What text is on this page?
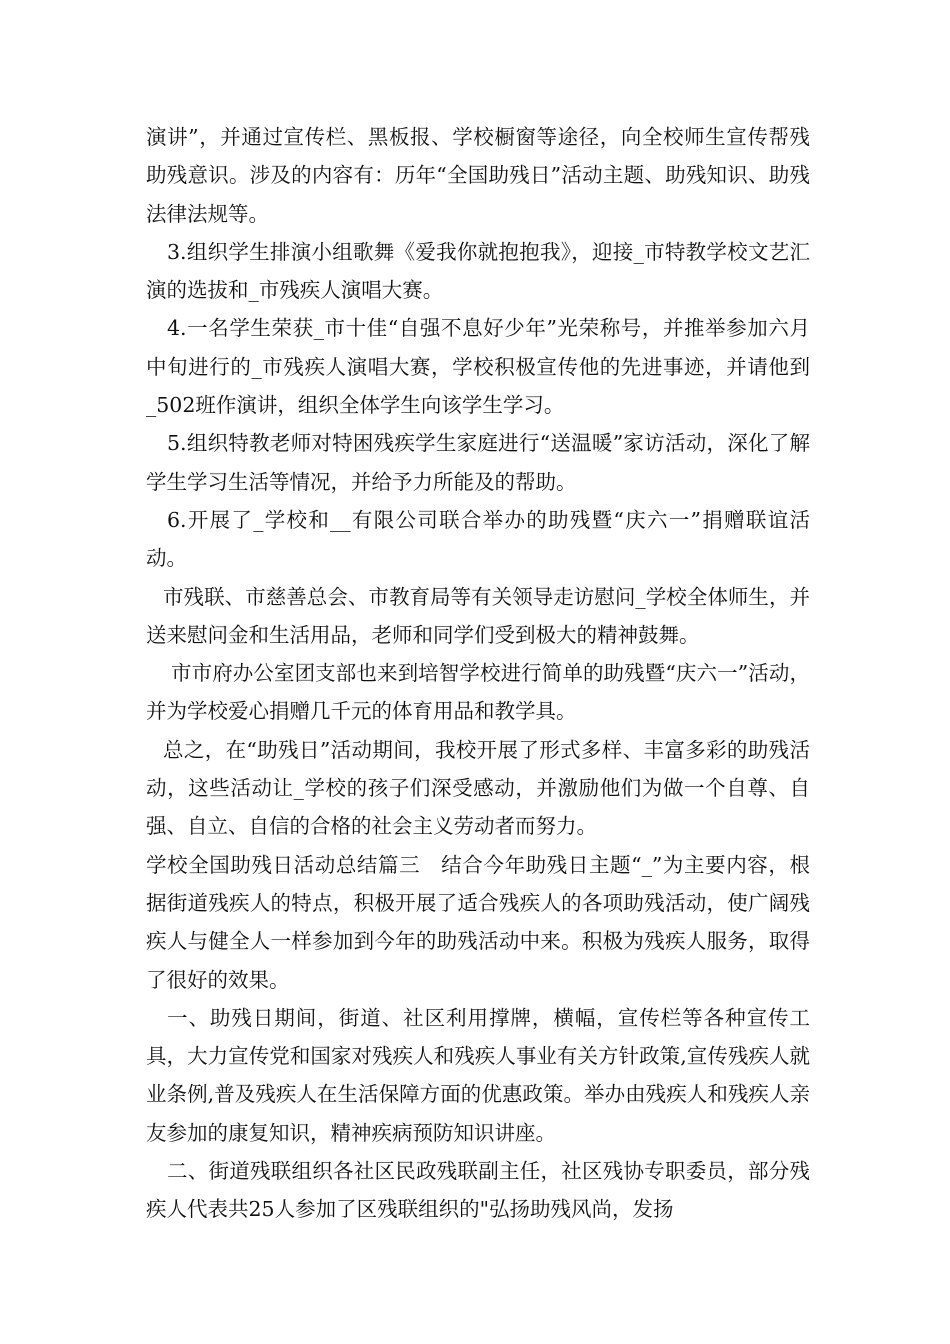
演讲”，并通过宣传栏、黑板报、学校橱窗等途径，向全校师生宣传帮残助残意识。涉及的内容有：历年“全国助残日”活动主题、助残知识、助残法律法规等。

3.组织学生排演小组歌舞《爱我你就抱抱我》，迎接_市特教学校文艺汇演的选拔和_市残疾人演唱大赛。

4.一名学生荣获_市十佳“自强不息好少年”光荣称号，并推举参加六月中旬进行的_市残疾人演唱大赛，学校积极宣传他的先进事迹，并请他到_502班作演讲，组织全体学生向该学生学习。

5.组织特教老师对特困残疾学生家庭进行“送温暖”家访活动，深化了解学生学习生活等情况，并给予力所能及的帮助。

6.开展了_学校和__有限公司联合举办的助残暨“庆六一”捐赠联谊活动。

市残联、市慈善总会、市教育局等有关领导走访慰问_学校全体师生，并送来慰问金和生活用品，老师和同学们受到极大的精神鼓舞。

市市府办公室团支部也来到培智学校进行简单的助残暨“庆六一”活动，并为学校爱心捐赠几千元的体育用品和教学具。

总之，在“助残日”活动期间，我校开展了形式多样、丰富多彩的助残活动，这些活动让_学校的孩子们深受感动，并激励他们为做一个自尊、自强、自立、自信的合格的社会主义劳动者而努力。

学校全国助残日活动总结篇三　结合今年助残日主题“_”为主要内容，根据街道残疾人的特点，积极开展了适合残疾人的各项助残活动，使广阔残疾人与健全人一样参加到今年的助残活动中来。积极为残疾人服务，取得了很好的效果。

一、助残日期间，街道、社区利用撑牌，横幅，宣传栏等各种宣传工具，大力宣传党和国家对残疾人和残疾人事业有关方针政策,宣传残疾人就业条例,普及残疾人在生活保障方面的优惠政策。举办由残疾人和残疾人亲友参加的康复知识，精神疾病预防知识讲座。

二、街道残联组织各社区民政残联副主任，社区残协专职委员，部分残疾人代表共25人参加了区残联组织的"弘扬助残风尚，发扬
